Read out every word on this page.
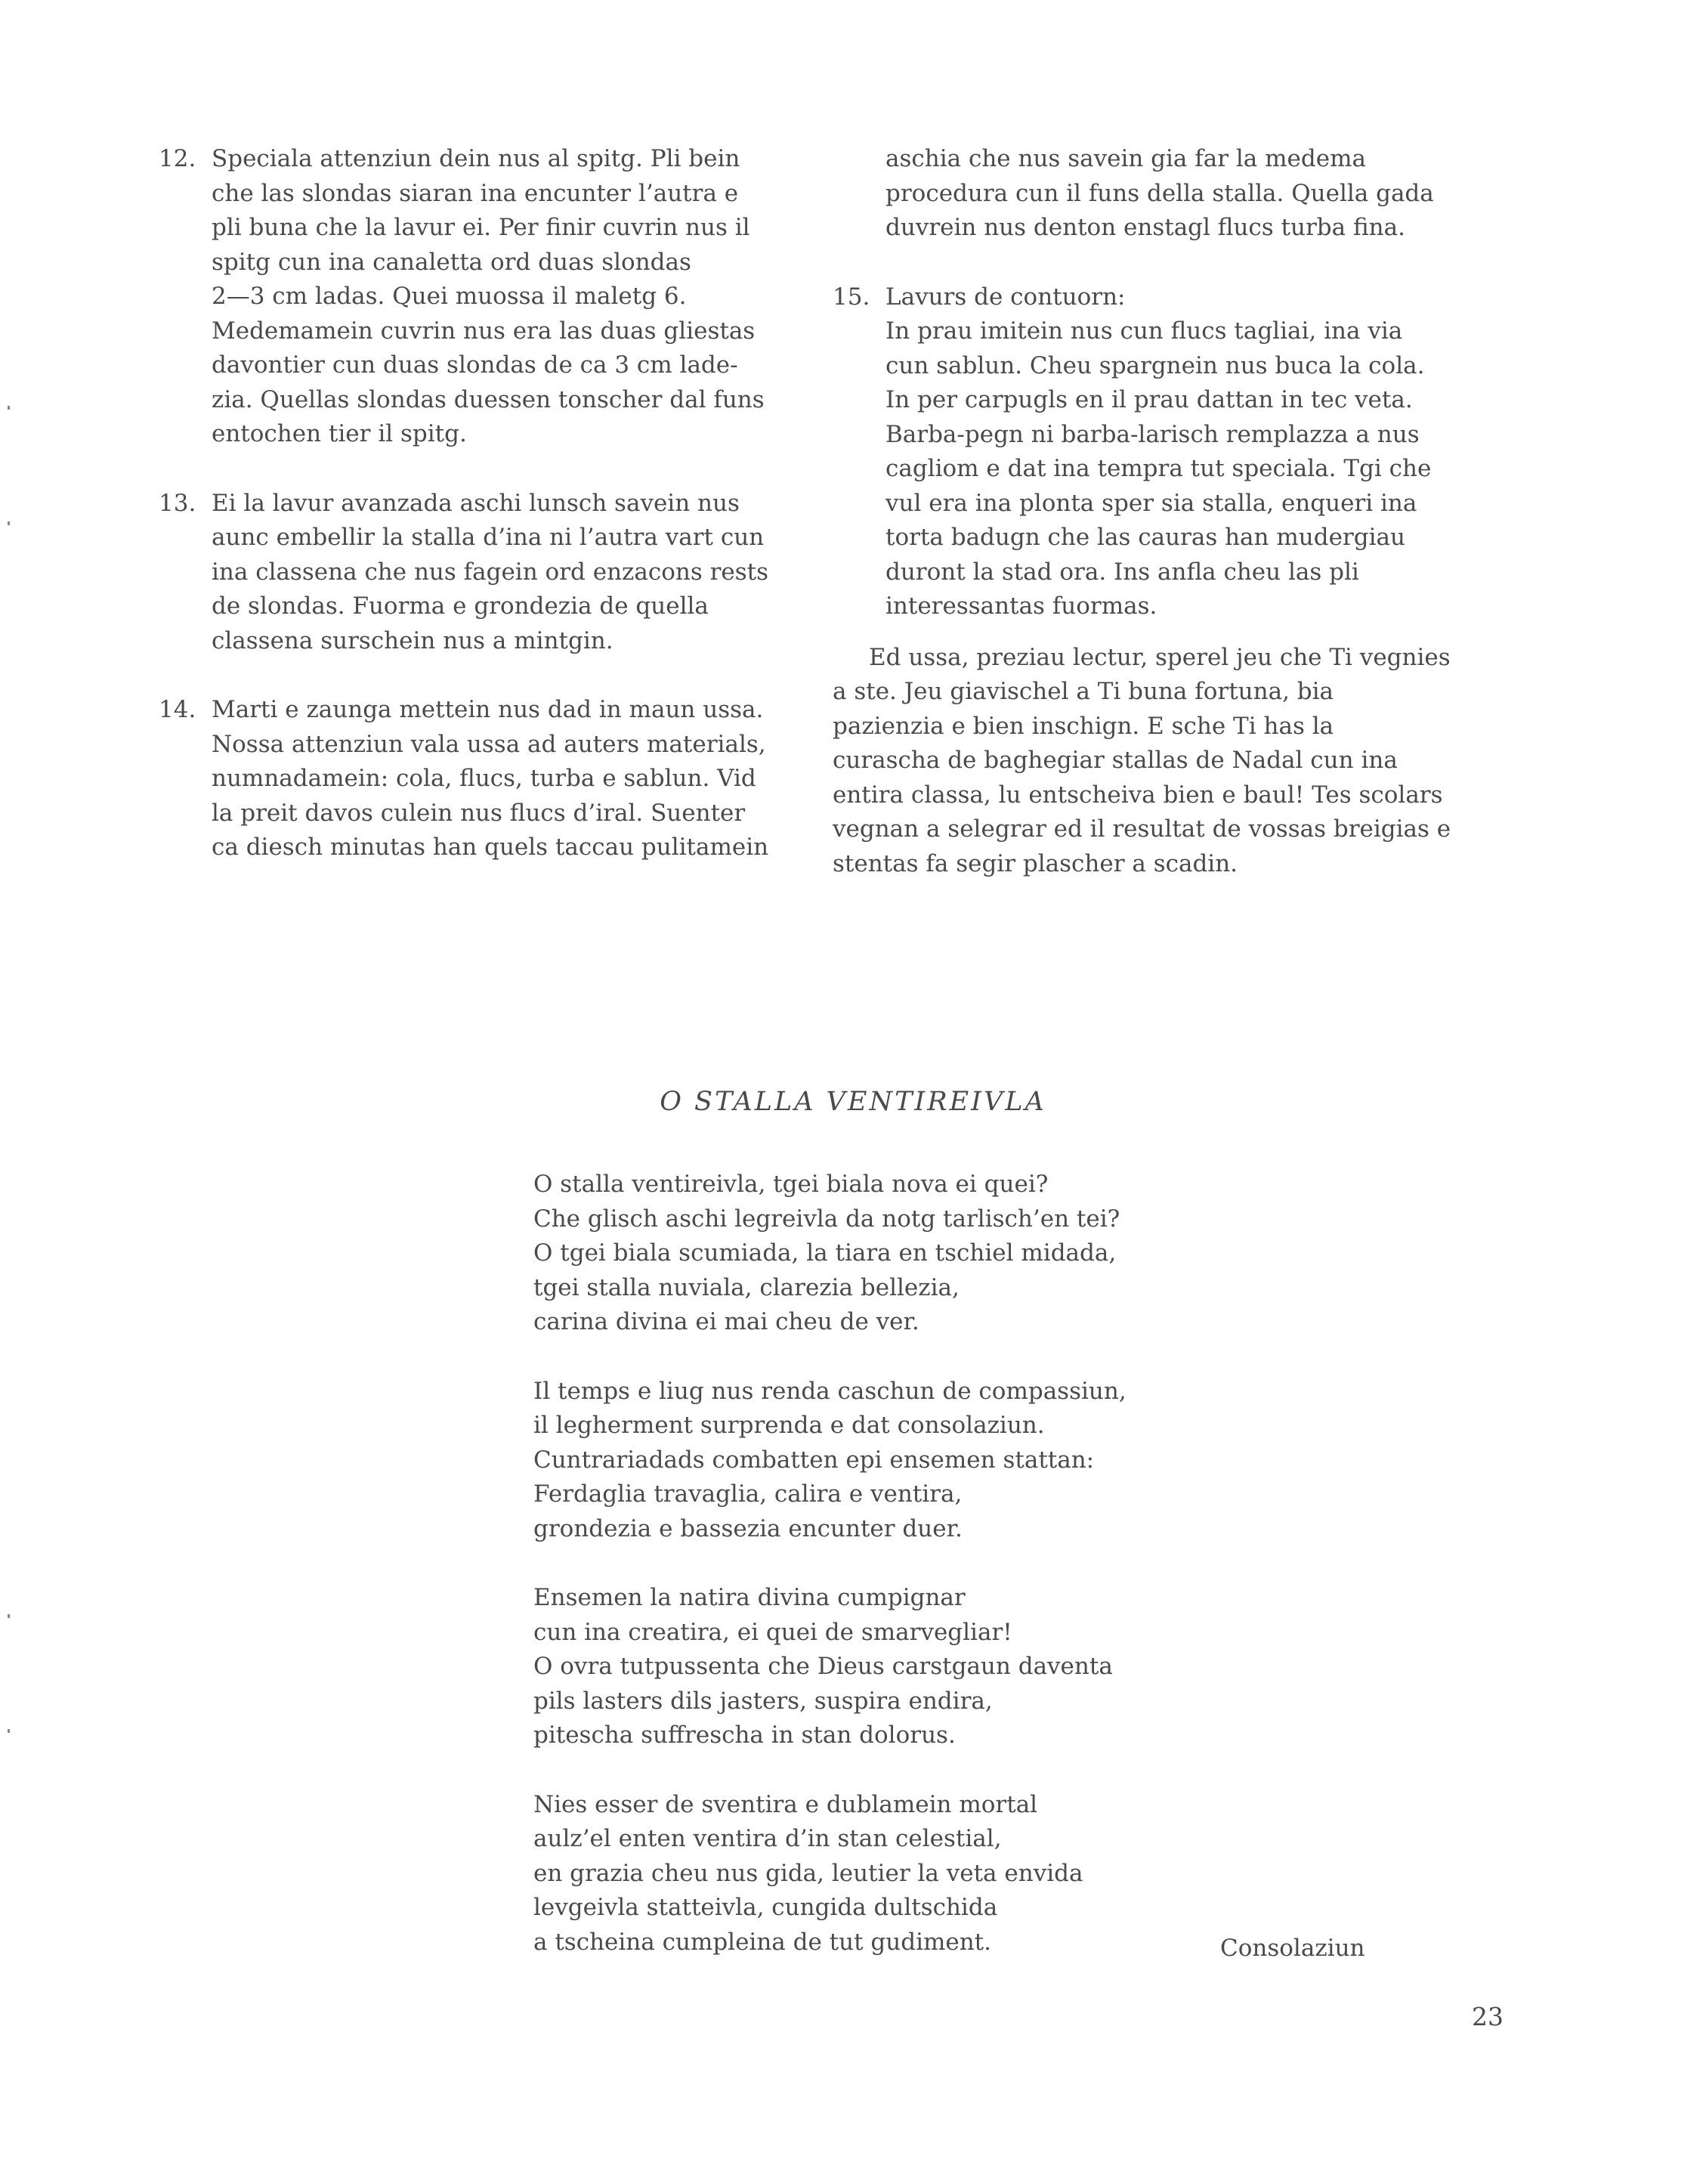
12. Speciala attenziun dein nus al spitg. Pli bein
che las slondas siaran ina encunter l’autra e
pli buna che la lavur ei. Per finir cuvrin nus il
spitg cun ina canaletta ord duas slondas
2—3 cm ladas. Quei muossa il maletg 6.
Medemamein cuvrin nus era las duas gliestas
davontier cun duas slondas de ca 3 cm lade-
zia. Quellas slondas duessen tonscher dal funs
entochen tier il spitg.
13. Ei la lavur avanzada aschi lunsch savein nus
aunc embellir la stalla d’ina ni l’autra vart cun
ina classena che nus fagein ord enzacons rests
de slondas. Fuorma e grondezia de quella
classena surschein nus a mintgin.
14. Marti e zaunga mettein nus dad in maun ussa.
Nossa attenziun vala ussa ad auters materials,
numnadamein: cola, flucs, turba e sablun. Vid
la preit davos culein nus flucs d’iral. Suenter
ca diesch minutas han quels taccau pulitamein
aschia che nus savein gia far la medema
procedura cun il funs della stalla. Quella gada
duvrein nus denton enstagl flucs turba fina.
15. Lavurs de contuorn:
In prau imitein nus cun flucs tagliai, ina via
cun sablun. Cheu spargnein nus buca la cola.
In per carpugls en il prau dattan in tec veta.
Barba-pegn ni barba-larisch remplazza a nus
cagliom e dat ina tempra tut speciala. Tgi che
vul era ina plonta sper sia stalla, enqueri ina
torta badugn che las cauras han mudergiau
duront la stad ora. Ins anfla cheu las pli
interessantas fuormas.
Ed ussa, preziau lectur, sperel jeu che Ti vegnies
a ste. Jeu giavischel a Ti buna fortuna, bia
pazienzia e bien inschign. E sche Ti has la
curascha de baghegiar stallas de Nadal cun ina
entira classa, lu entscheiva bien e baul! Tes scolars
vegnan a selegrar ed il resultat de vossas breigias e
stentas fa segir plascher a scadin.
O STALLA VENTIREIVLA
O stalla ventireivla, tgei biala nova ei quei?
Che glisch aschi legreivla da notg tarlisch’en tei?
O tgei biala scumiada, la tiara en tschiel midada,
tgei stalla nuviala, clarezia bellezia,
carina divina ei mai cheu de ver.
Il temps e liug nus renda caschun de compassiun,
il legherment surprenda e dat consolaziun.
Cuntrariadads combatten epi ensemen stattan:
Ferdaglia travaglia, calira e ventira,
grondezia e bassezia encunter duer.
Ensemen la natira divina cumpignar
cun ina creatira, ei quei de smarvegliar!
O ovra tutpussenta che Dieus carstgaun daventa
pils lasters dils jasters, suspira endira,
pitescha suffrescha in stan dolorus.
Nies esser de sventira e dublamein mortal
aulz’el enten ventira d’in stan celestial,
en grazia cheu nus gida, leutier la veta envida
levgeivla statteivla, cungida dultschida
a tscheina cumpleina de tut gudiment.	Consolaziun
23
